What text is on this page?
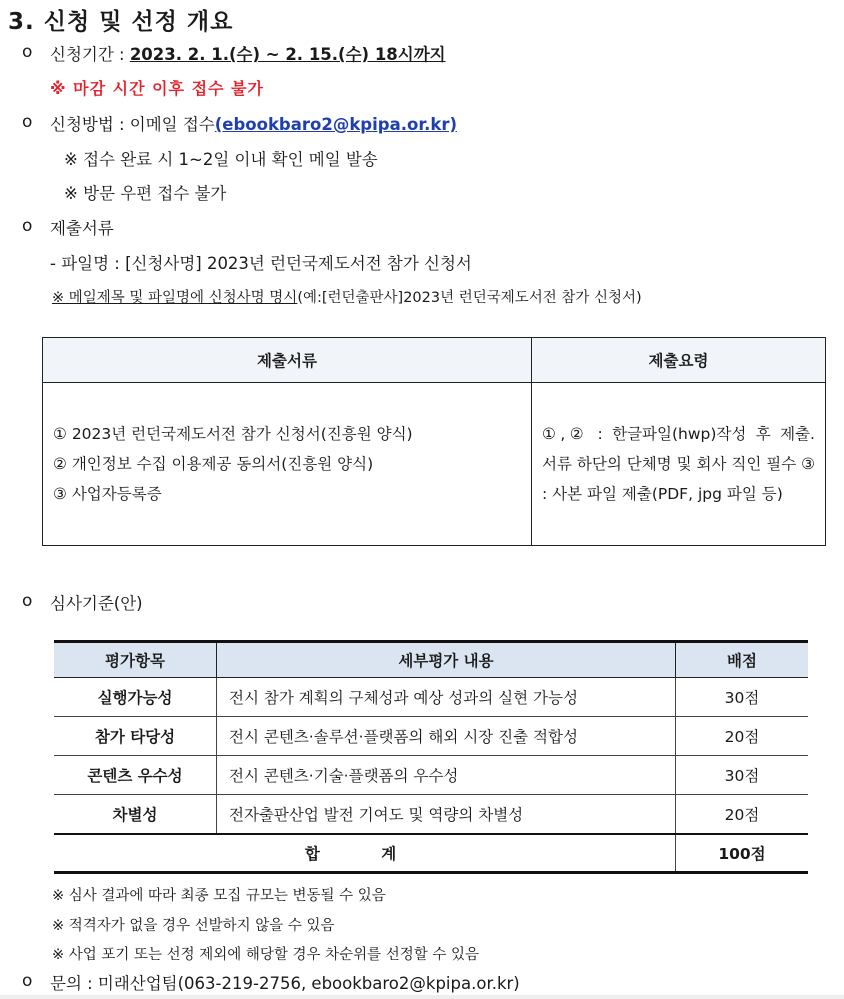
3. 신청 및 선정 개요
o 신청기간 : 2023. 2. 1.(수) ~ 2. 15.(수) 18시까지
※ 마감 시간 이후 접수 불가
o 신청방법 : 이메일 접수(ebookbaro2@kpipa.or.kr)
※ 접수 완료 시 1~2일 이내 확인 메일 발송
※ 방문 우편 접수 불가
o 제출서류
- 파일명 : [신청사명] 2023년 런던국제도서전 참가 신청서
※ 메일제목 및 파일명에 신청사명 명시(예:[런던출판사]2023년 런던국제도서전 참가 신청서)
제출서류	제출요령

① 2023년 런던국제도서전 참가 신청서(진흥원 양식)
② 개인정보 수집 이용제공 동의서(진흥원 양식)
③ 사업자등록증	①,② : 한글파일(hwp)작성 후 제출. 서류 하단의 단체명 및 회사 직인 필수 ③ : 사본 파일 제출(PDF, jpg 파일 등)
o 심사기준(안)
평가항목	세부평가 내용	배점
실행가능성	전시 참가 계획의 구체성과 예상 성과의 실현 가능성	30점
참가 타당성	전시 콘텐츠·솔루션·플랫폼의 해외 시장 진출 적합성	20점
콘텐츠 우수성	전시 콘텐츠·기술·플랫폼의 우수성	30점
차별성	전자출판산업 발전 기여도 및 역량의 차별성	20점
합 계		100점
※ 심사 결과에 따라 최종 모집 규모는 변동될 수 있음
※ 적격자가 없을 경우 선발하지 않을 수 있음
※ 사업 포기 또는 선정 제외에 해당할 경우 차순위를 선정할 수 있음
o 문의 : 미래산업팀(063-219-2756, ebookbaro2@kpipa.or.kr)
